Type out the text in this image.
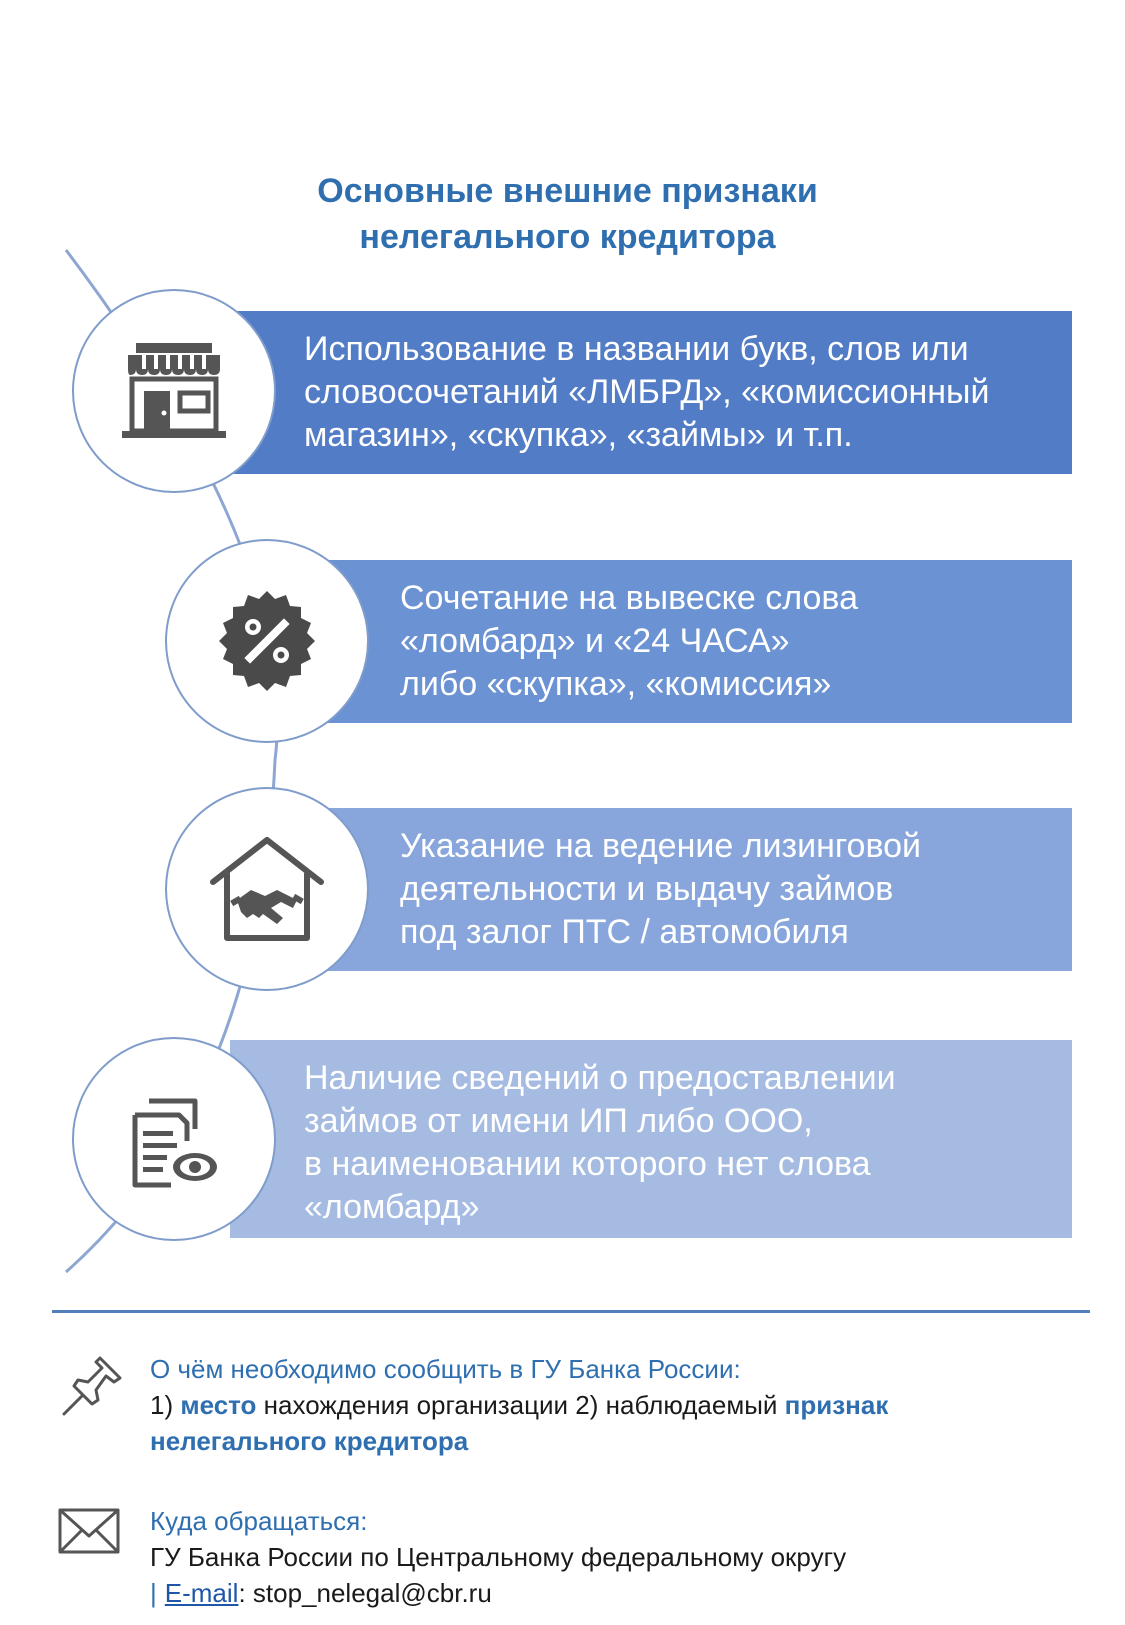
Основные внешние признаки
нелегального кредитора
Использование в названии букв, слов или
словосочетаний «ЛМБРД», «комиссионный
магазин», «скупка», «займы» и т.п.
Сочетание на вывеске слова
«ломбард» и «24 ЧАСА»
либо «скупка», «комиссия»
Указание на ведение лизинговой
деятельности и выдачу займов
под залог ПТС / автомобиля
Наличие сведений о предоставлении
займов от имени ИП либо ООО,
в наименовании которого нет слова
«ломбард»
О чём необходимо сообщить в ГУ Банка России:
1) место нахождения организации 2) наблюдаемый признак
нелегального кредитора
Куда обращаться:
ГУ Банка России по Центральному федеральному округу
| E-mail: stop_nelegal@cbr.ru
